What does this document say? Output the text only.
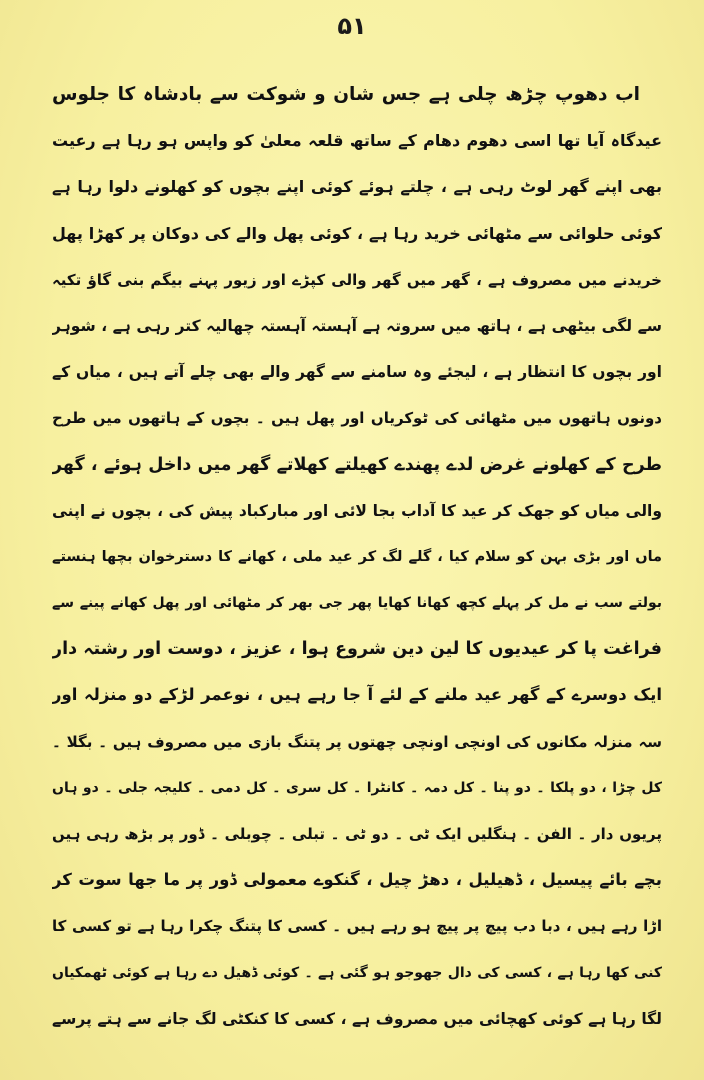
۵۱
اب دھوپ چڑھ چلی ہے جس شان و شوکت سے بادشاہ کا جلوس
عیدگاہ آیا تھا اسی دھوم دھام کے ساتھ قلعہ معلیٰ کو واپس ہو رہا ہے رعیت
بھی اپنے گھر لوٹ رہی ہے ، چلتے ہوئے کوئی اپنے بچوں کو کھلونے دلوا رہا ہے
کوئی حلوائی سے مٹھائی خرید رہا ہے ، کوئی پھل والے کی دوکان پر کھڑا پھل
خریدنے میں مصروف ہے ، گھر میں گھر والی کپڑے اور زیور پہنے بیگم بنی گاؤ تکیہ
سے لگی بیٹھی ہے ، ہاتھ میں سروتہ ہے آہستہ آہستہ چھالیہ کتر رہی ہے ، شوہر
اور بچوں کا انتظار ہے ، لیجئے وہ سامنے سے گھر والے بھی چلے آتے ہیں ، میاں کے
دونوں ہاتھوں میں مٹھائی کی ٹوکریاں اور پھل ہیں ۔ بچوں کے ہاتھوں میں طرح
طرح کے کھلونے غرض لدے پھندے کھیلتے کھلاتے گھر میں داخل ہوئے ، گھر
والی میاں کو جھک کر عید کا آداب بجا لائی اور مبارکباد پیش کی ، بچوں نے اپنی
ماں اور بڑی بہن کو سلام کیا ، گلے لگ کر عید ملی ، کھانے کا دسترخوان بچھا ہنستے
بولتے سب نے مل کر پہلے کچھ کھانا کھایا پھر جی بھر کر مٹھائی اور پھل کھانے پینے سے
فراغت پا کر عیدیوں کا لین دین شروع ہوا ، عزیز ، دوست اور رشتہ دار
ایک دوسرے کے گھر عید ملنے کے لئے آ جا رہے ہیں ، نوعمر لڑکے دو منزلہ اور
سہ منزلہ مکانوں کی اونچی اونچی چھتوں پر پتنگ بازی میں مصروف ہیں ۔ بگلا ۔
کل چڑا ، دو پلکا ۔ دو پنا ۔ کل دمہ ۔ کانٹرا ۔ کل سری ۔ کل دمی ۔ کلیجہ جلی ۔ دو ہاں
پریوں دار ۔ الفن ۔ ہنگلیں ایک ٹی ۔ دو ٹی ۔ تبلی ۔ چوبلی ۔ ڈور پر بڑھ رہی ہیں
بچے بائے پیسیل ، ڈھیلیل ، دھڑ چیل ، گنکوے معمولی ڈور پر ما جھا سوت کر
اڑا رہے ہیں ، دبا دب پیچ پر پیچ ہو رہے ہیں ۔ کسی کا پتنگ چکرا رہا ہے تو کسی کا
کنی کھا رہا ہے ، کسی کی دال جھوجو ہو گئی ہے ۔ کوئی ڈھیل دے رہا ہے کوئی ٹھمکیاں
لگا رہا ہے کوئی کھچائی میں مصروف ہے ، کسی کا کنکٹی لگ جانے سے ہتے پرسے
